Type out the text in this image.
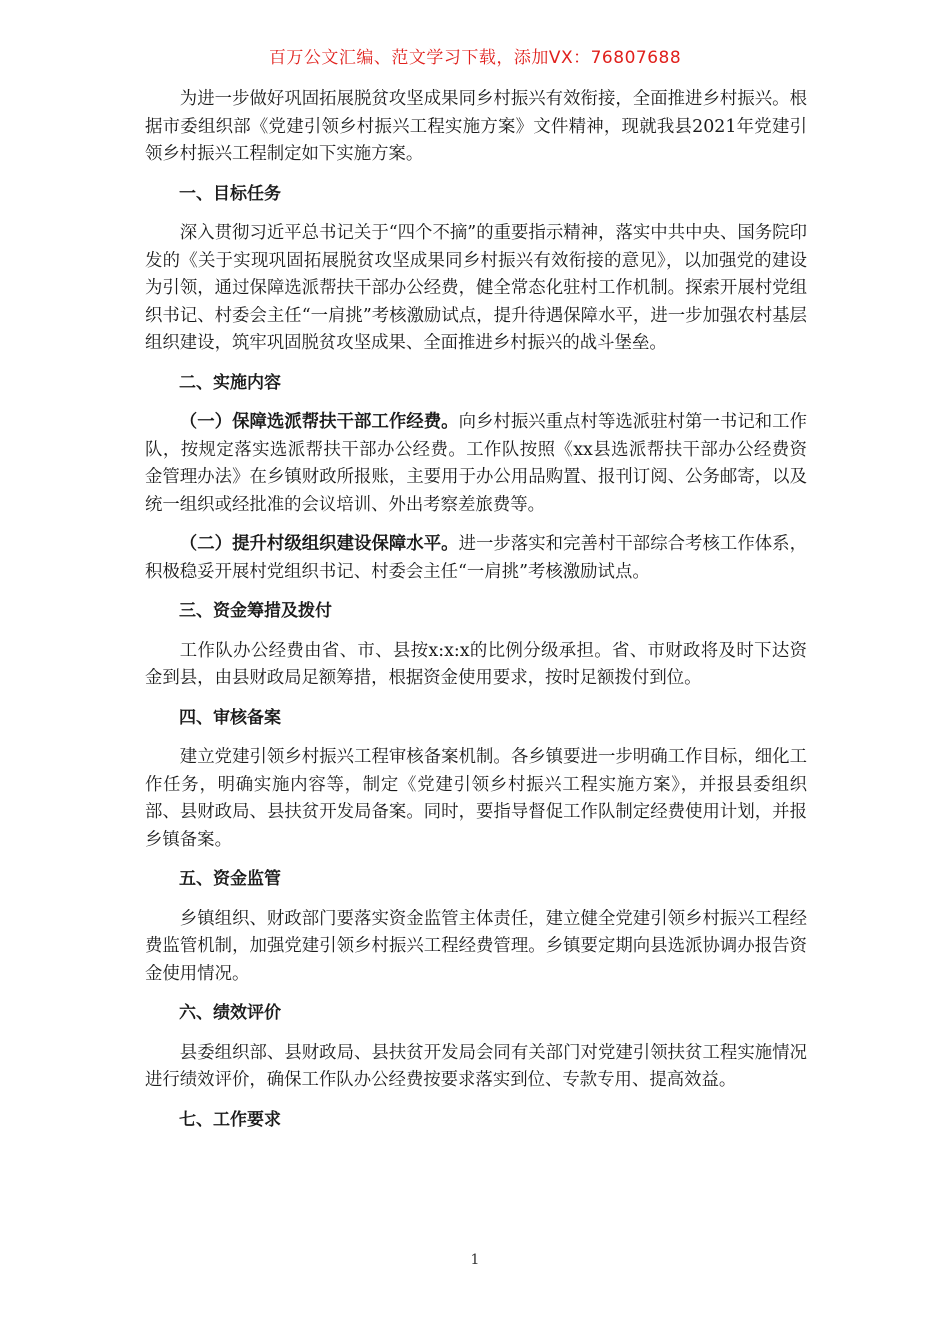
百万公文汇编、范文学习下载，添加VX：76807688

为进一步做好巩固拓展脱贫攻坚成果同乡村振兴有效衔接，全面推进乡村振兴。根据市委组织部《党建引领乡村振兴工程实施方案》文件精神，现就我县2021年党建引领乡村振兴工程制定如下实施方案。

一、目标任务

深入贯彻习近平总书记关于“四个不摘”的重要指示精神，落实中共中央、国务院印发的《关于实现巩固拓展脱贫攻坚成果同乡村振兴有效衔接的意见》，以加强党的建设为引领，通过保障选派帮扶干部办公经费，健全常态化驻村工作机制。探索开展村党组织书记、村委会主任“一肩挑”考核激励试点，提升待遇保障水平，进一步加强农村基层组织建设，筑牢巩固脱贫攻坚成果、全面推进乡村振兴的战斗堡垒。

二、实施内容

（一）保障选派帮扶干部工作经费。向乡村振兴重点村等选派驻村第一书记和工作队，按规定落实选派帮扶干部办公经费。工作队按照《xx县选派帮扶干部办公经费资金管理办法》在乡镇财政所报账，主要用于办公用品购置、报刊订阅、公务邮寄，以及统一组织或经批准的会议培训、外出考察差旅费等。

（二）提升村级组织建设保障水平。进一步落实和完善村干部综合考核工作体系，积极稳妥开展村党组织书记、村委会主任“一肩挑”考核激励试点。

三、资金筹措及拨付

工作队办公经费由省、市、县按x:x:x的比例分级承担。省、市财政将及时下达资金到县，由县财政局足额筹措，根据资金使用要求，按时足额拨付到位。

四、审核备案

建立党建引领乡村振兴工程审核备案机制。各乡镇要进一步明确工作目标，细化工作任务，明确实施内容等，制定《党建引领乡村振兴工程实施方案》，并报县委组织部、县财政局、县扶贫开发局备案。同时，要指导督促工作队制定经费使用计划，并报乡镇备案。

五、资金监管

乡镇组织、财政部门要落实资金监管主体责任，建立健全党建引领乡村振兴工程经费监管机制，加强党建引领乡村振兴工程经费管理。乡镇要定期向县选派协调办报告资金使用情况。

六、绩效评价

县委组织部、县财政局、县扶贫开发局会同有关部门对党建引领扶贫工程实施情况进行绩效评价，确保工作队办公经费按要求落实到位、专款专用、提高效益。

七、工作要求
1
